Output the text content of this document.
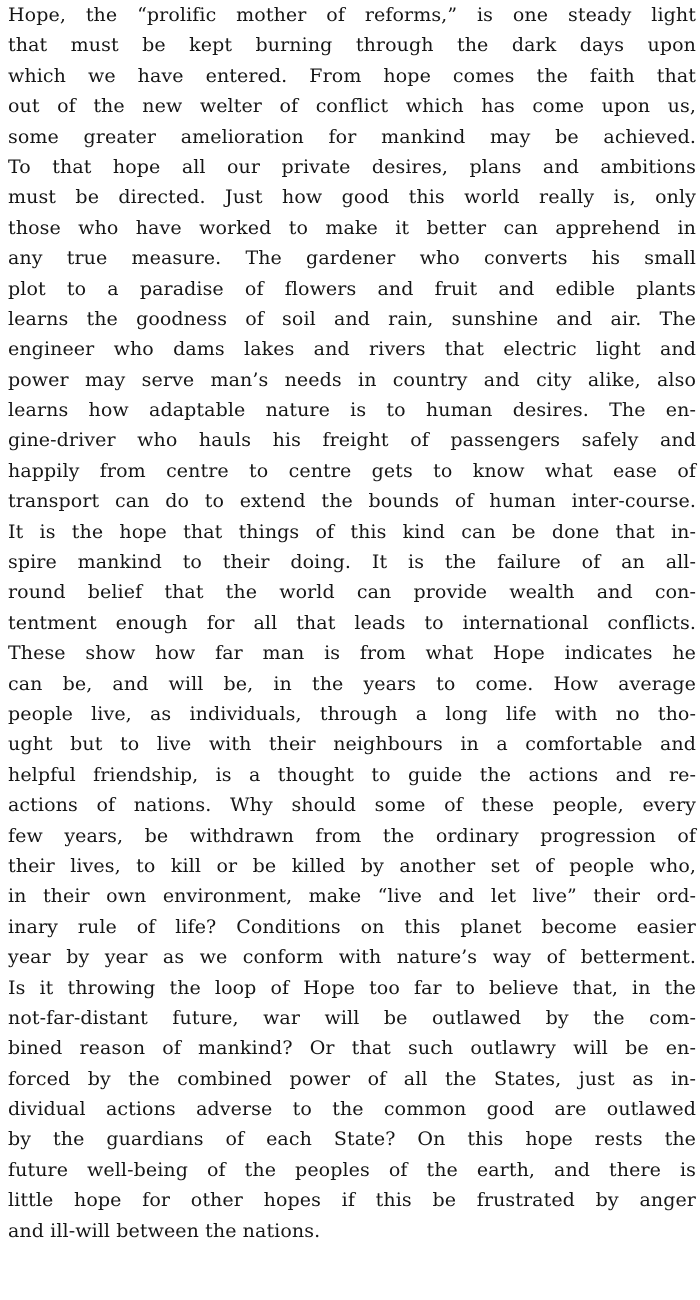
Hope, the “prolific mother of reforms,” is one steady light
that must be kept burning through the dark days upon
which we have entered. From hope comes the faith that
out of the new welter of conflict which has come upon us,
some greater amelioration for mankind may be achieved.
To that hope all our private desires, plans and ambitions
must be directed. Just how good this world really is, only
those who have worked to make it better can apprehend in
any true measure. The gardener who converts his small
plot to a paradise of flowers and fruit and edible plants
learns the goodness of soil and rain, sunshine and air. The
engineer who dams lakes and rivers that electric light and
power may serve man’s needs in country and city alike, also
learns how adaptable nature is to human desires. The en-
gine-driver who hauls his freight of passengers safely and
happily from centre to centre gets to know what ease of
transport can do to extend the bounds of human inter-course.
It is the hope that things of this kind can be done that in-
spire mankind to their doing. It is the failure of an all-
round belief that the world can provide wealth and con-
tentment enough for all that leads to international conflicts.
These show how far man is from what Hope indicates he
can be, and will be, in the years to come. How average
people live, as individuals, through a long life with no tho-
ught but to live with their neighbours in a comfortable and
helpful friendship, is a thought to guide the actions and re-
actions of nations. Why should some of these people, every
few years, be withdrawn from the ordinary progression of
their lives, to kill or be killed by another set of people who,
in their own environment, make “live and let live” their ord-
inary rule of life? Conditions on this planet become easier
year by year as we conform with nature’s way of betterment.
Is it throwing the loop of Hope too far to believe that, in the
not-far-distant future, war will be outlawed by the com-
bined reason of mankind? Or that such outlawry will be en-
forced by the combined power of all the States, just as in-
dividual actions adverse to the common good are outlawed
by the guardians of each State? On this hope rests the
future well-being of the peoples of the earth, and there is
little hope for other hopes if this be frustrated by anger
and ill-will between the nations.
